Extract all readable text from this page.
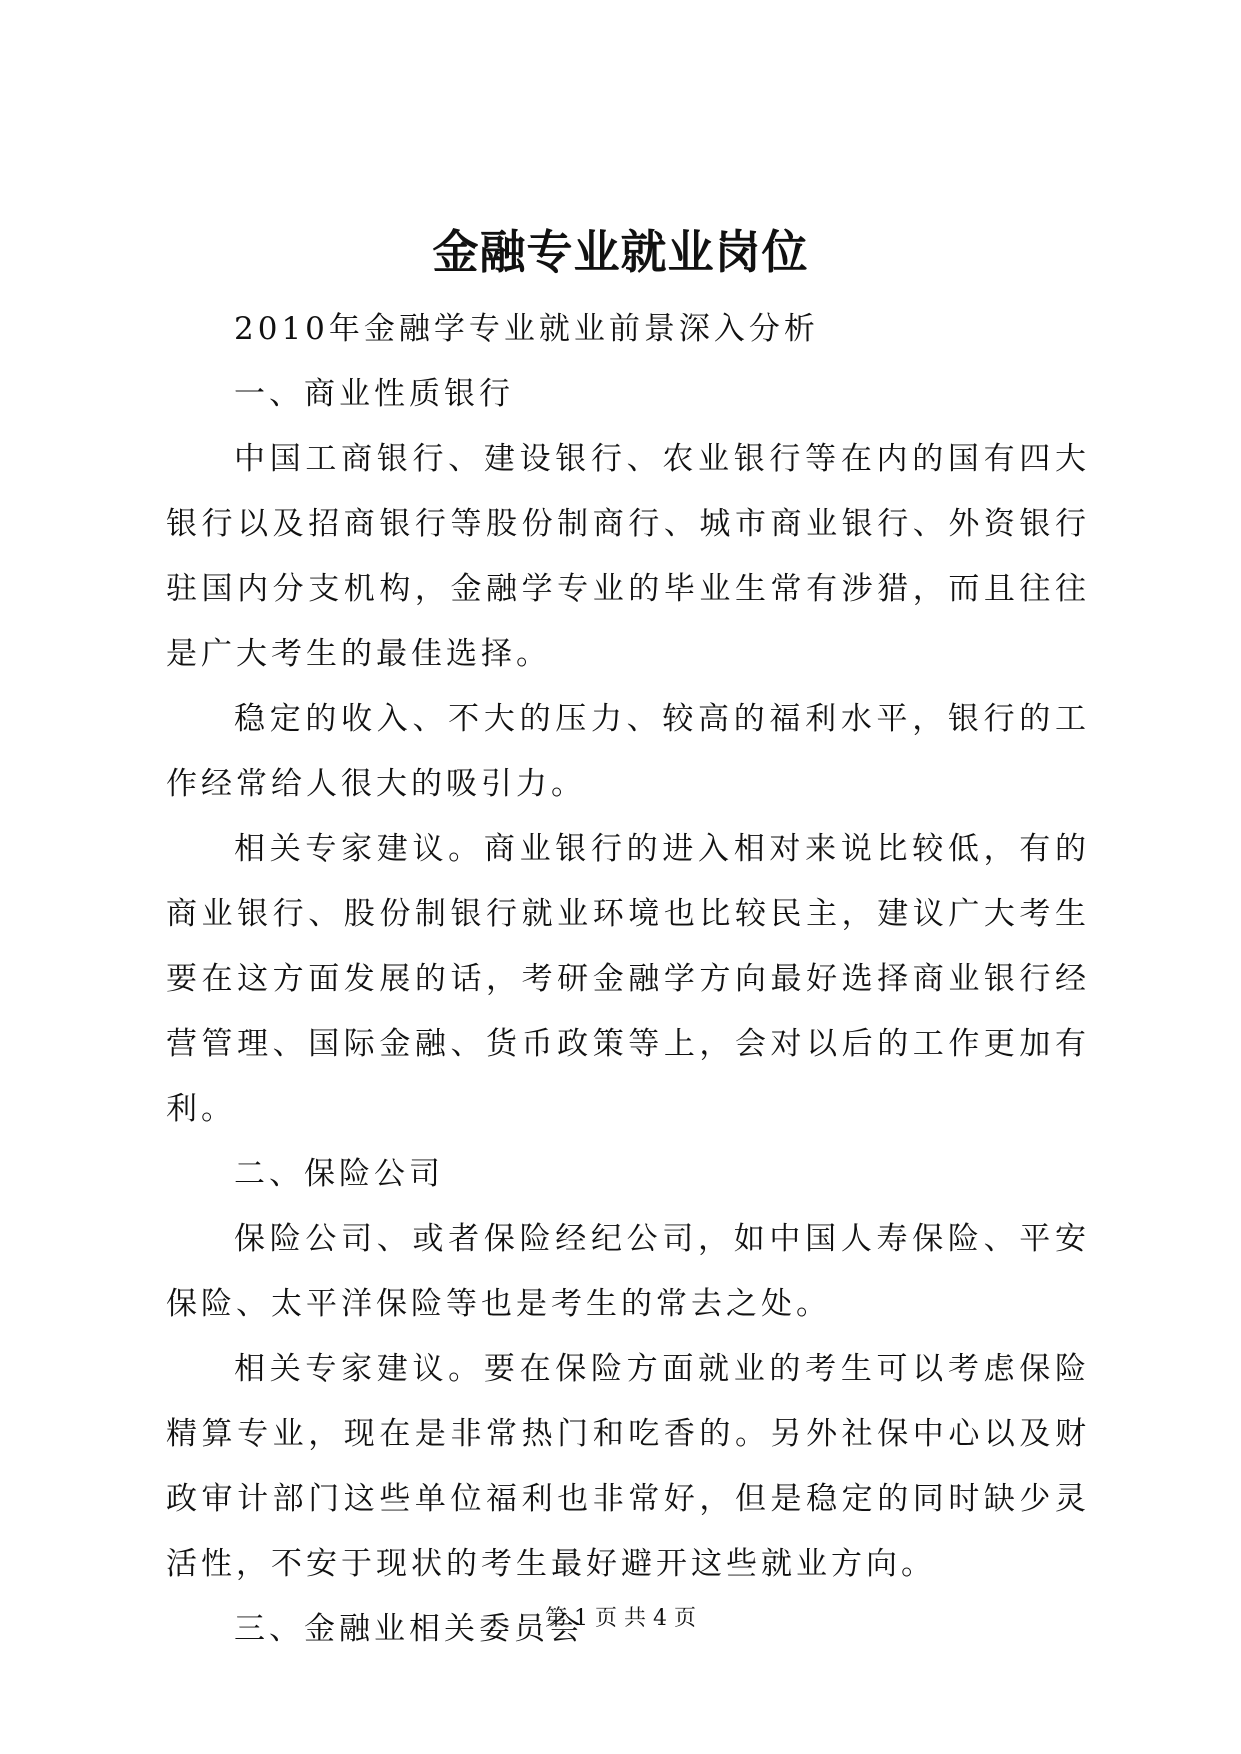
金融专业就业岗位

2010年金融学专业就业前景深入分析

一、商业性质银行

中国工商银行、建设银行、农业银行等在内的国有四大银行以及招商银行等股份制商行、城市商业银行、外资银行驻国内分支机构，金融学专业的毕业生常有涉猎，而且往往是广大考生的最佳选择。

稳定的收入、不大的压力、较高的福利水平，银行的工作经常给人很大的吸引力。

相关专家建议。商业银行的进入相对来说比较低，有的商业银行、股份制银行就业环境也比较民主，建议广大考生要在这方面发展的话，考研金融学方向最好选择商业银行经营管理、国际金融、货币政策等上，会对以后的工作更加有利。

二、保险公司

保险公司、或者保险经纪公司，如中国人寿保险、平安保险、太平洋保险等也是考生的常去之处。

相关专家建议。要在保险方面就业的考生可以考虑保险精算专业，现在是非常热门和吃香的。另外社保中心以及财政审计部门这些单位福利也非常好，但是稳定的同时缺少灵活性，不安于现状的考生最好避开这些就业方向。

三、金融业相关委员会

第 1 页 共 4 页
